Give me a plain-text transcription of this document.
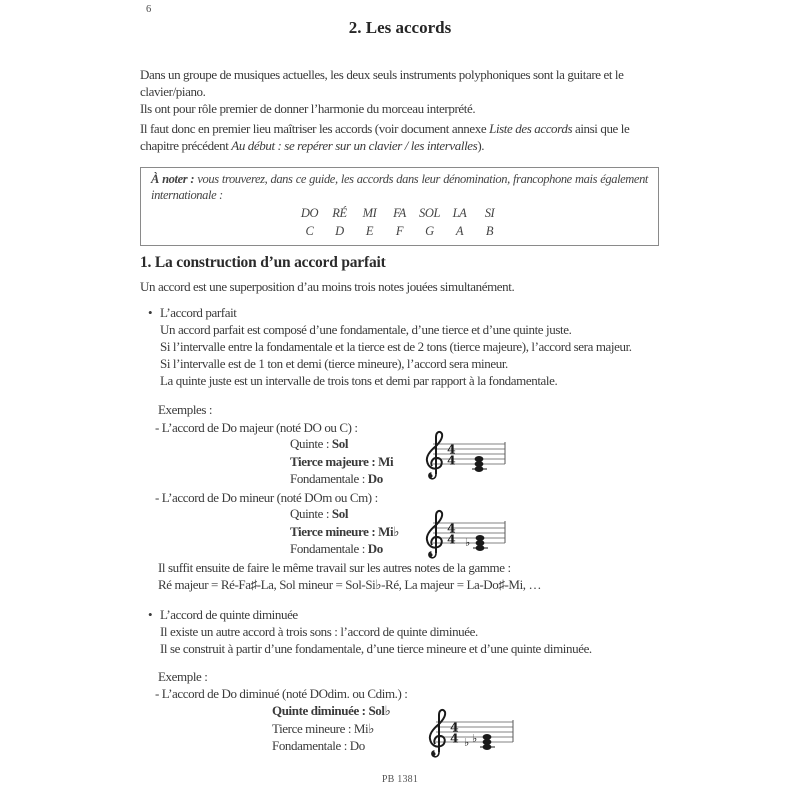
6
2. Les accords
Dans un groupe de musiques actuelles, les deux seuls instruments polyphoniques sont la guitare et le
clavier/piano.
Ils ont pour rôle premier de donner l’harmonie du morceau interprété.
Il faut donc en premier lieu maîtriser les accords (voir document annexe Liste des accords ainsi que le
chapitre précédent Au début : se repérer sur un clavier / les intervalles).
À noter : vous trouverez, dans ce guide, les accords dans leur dénomination, francophone mais également internationale :
DO	RÉ	MI	FA	SOL	LA	SI
C	D	E	F	G	A	B
1. La construction d’un accord parfait
Un accord est une superposition d’au moins trois notes jouées simultanément.
• L’accord parfait
Un accord parfait est composé d’une fondamentale, d’une tierce et d’une quinte juste.
Si l’intervalle entre la fondamentale et la tierce est de 2 tons (tierce majeure), l’accord sera majeur.
Si l’intervalle est de 1 ton et demi (tierce mineure), l’accord sera mineur.
La quinte juste est un intervalle de trois tons et demi par rapport à la fondamentale.
Exemples :
- L’accord de Do majeur (noté DO ou C) :
Quinte : Sol
Tierce majeure : Mi
Fondamentale : Do
4
4
- L’accord de Do mineur (noté DOm ou Cm) :
Quinte : Sol
Tierce mineure : Mi♭
Fondamentale : Do
4
4 ♭
Il suffit ensuite de faire le même travail sur les autres notes de la gamme :
Ré majeur = Ré-Fa♯-La, Sol mineur = Sol-Si♭-Ré, La majeur = La-Do♯-Mi, …
• L’accord de quinte diminuée
Il existe un autre accord à trois sons : l’accord de quinte diminuée.
Il se construit à partir d’une fondamentale, d’une tierce mineure et d’une quinte diminuée.
Exemple :
- L’accord de Do diminué (noté DOdim. ou Cdim.) :
Quinte diminuée : Sol♭
Tierce mineure : Mi♭
Fondamentale : Do
4
4 ♭ ♭
PB 1381
